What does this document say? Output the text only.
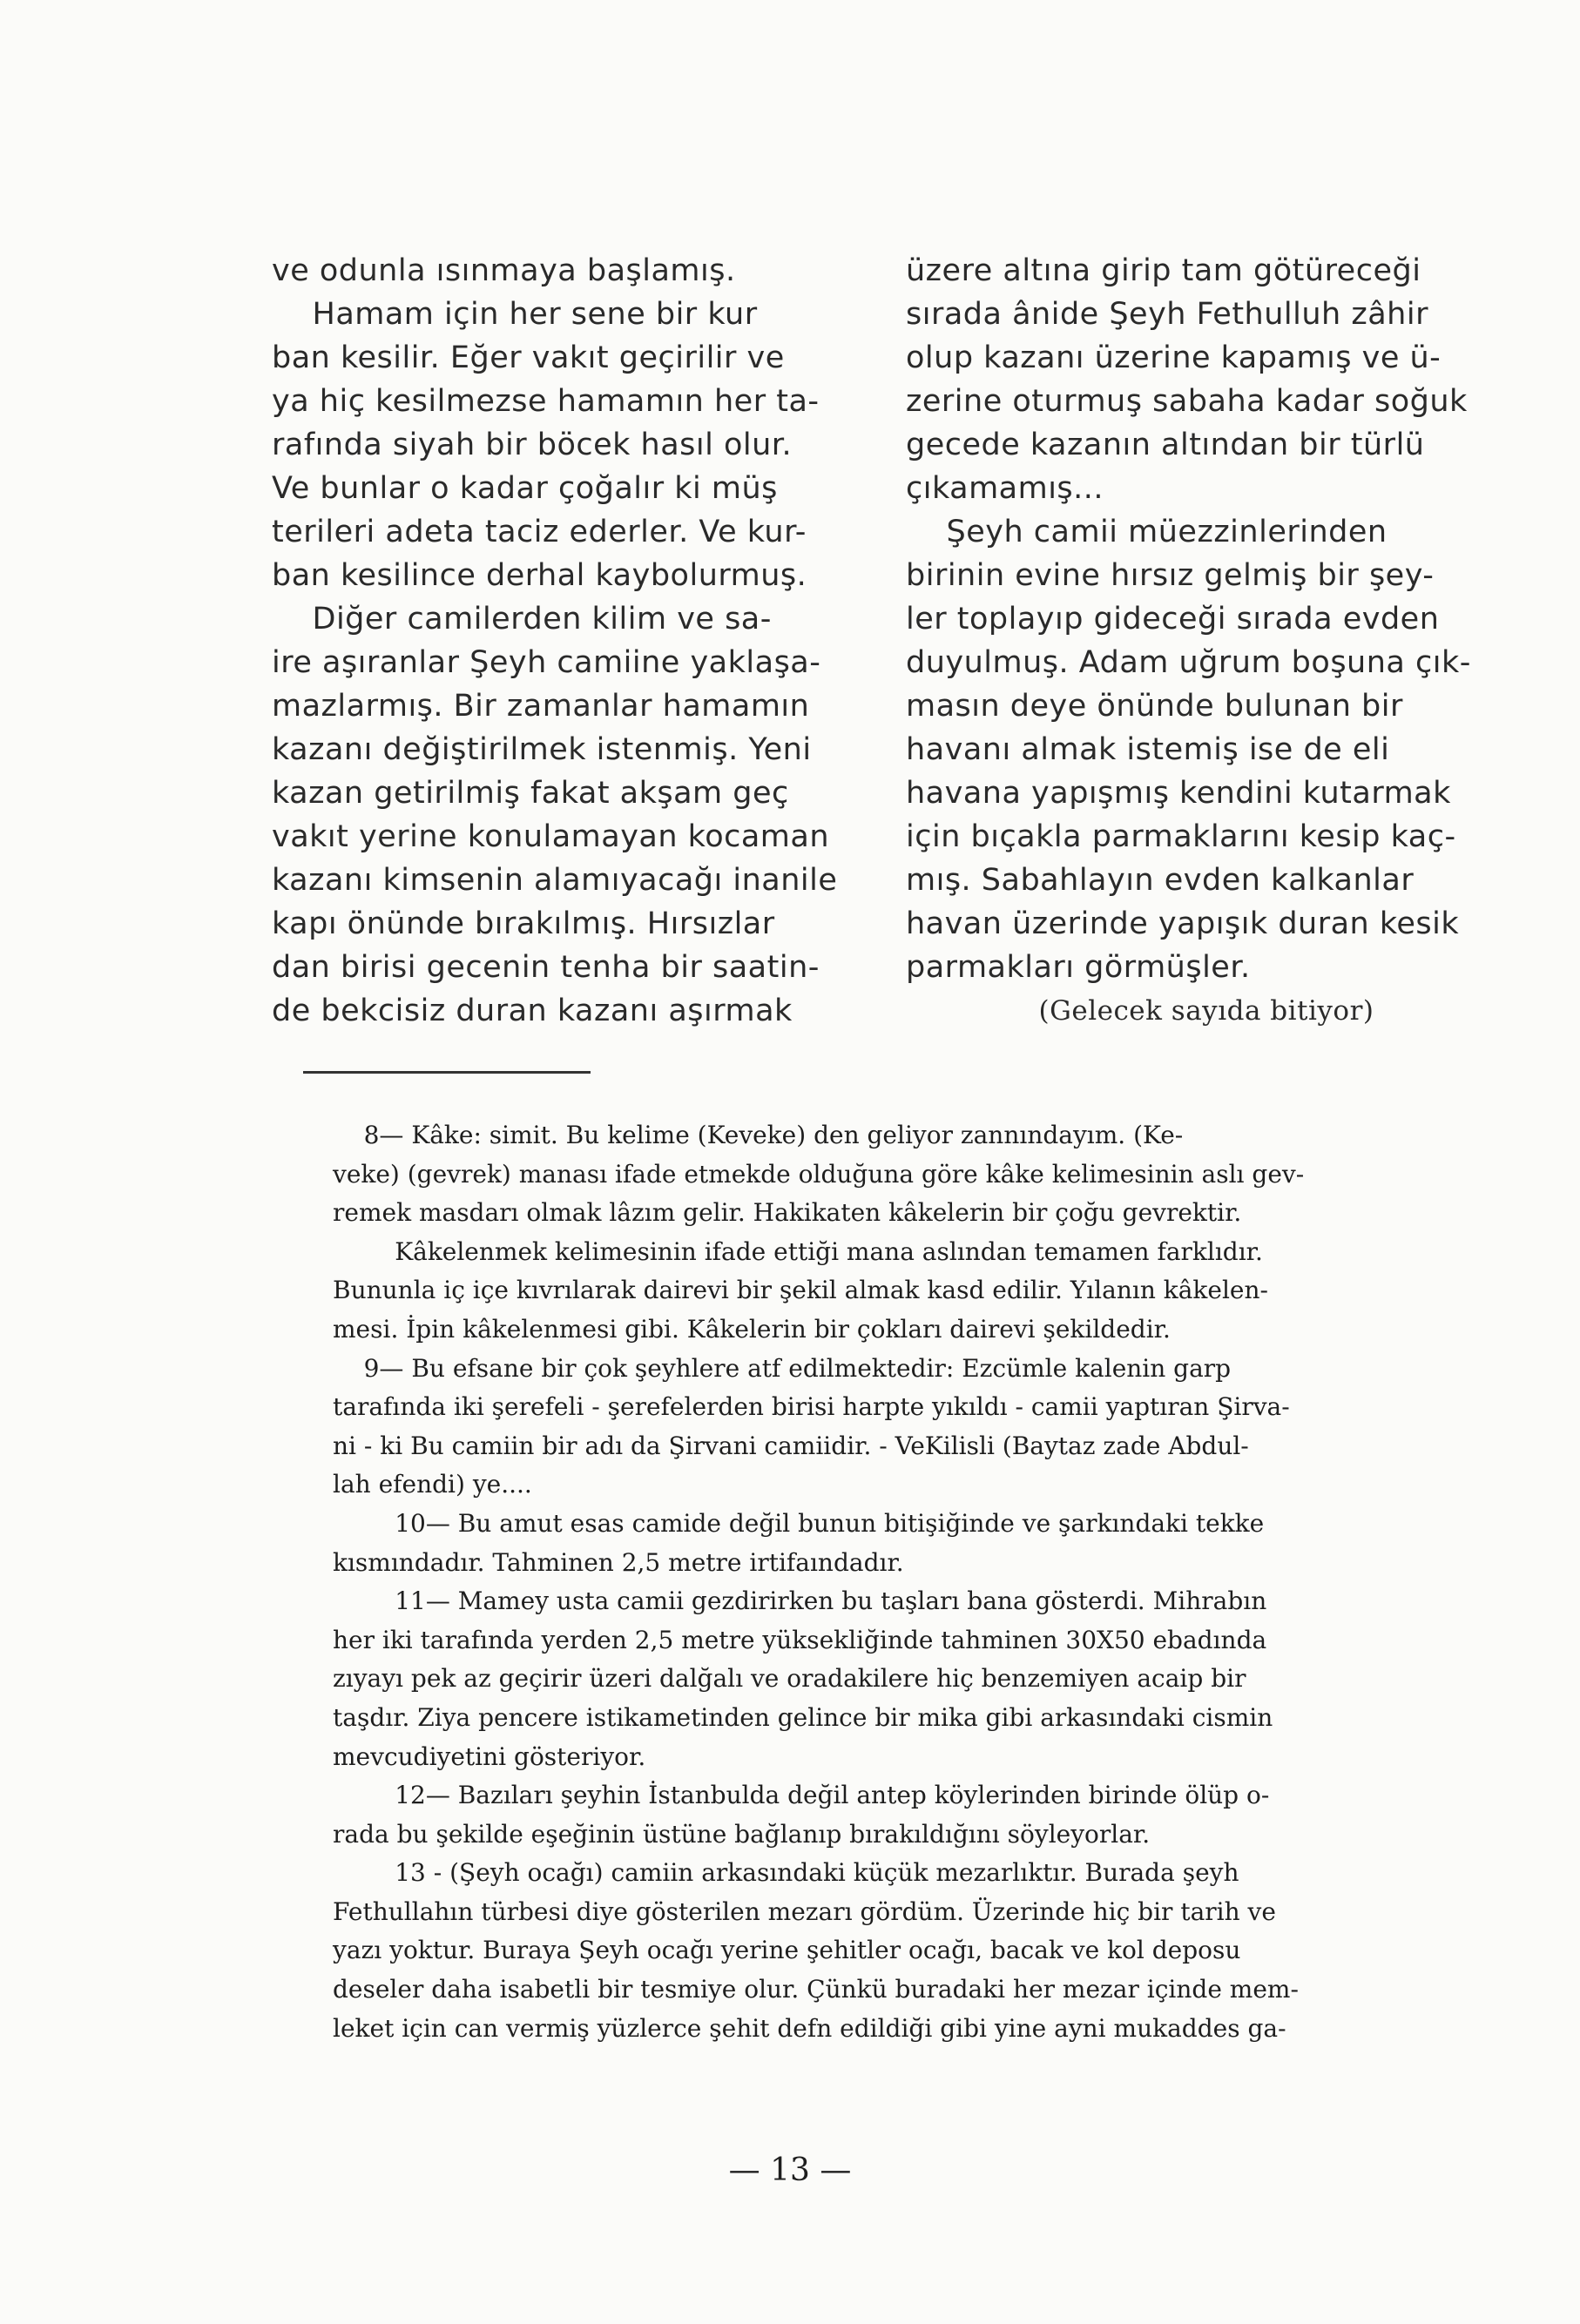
ve odunla ısınmaya başlamış.
Hamam için her sene bir kur
ban kesilir. Eğer vakıt geçirilir ve
ya hiç kesilmezse hamamın her ta-
rafında siyah bir böcek hasıl olur.
Ve bunlar o kadar çoğalır ki müş
terileri adeta taciz ederler. Ve kur-
ban kesilince derhal kaybolurmuş.
Diğer camilerden kilim ve sa-
ire aşıranlar Şeyh camiine yaklaşa-
mazlarmış. Bir zamanlar hamamın
kazanı değiştirilmek istenmiş. Yeni
kazan getirilmiş fakat akşam geç
vakıt yerine konulamayan kocaman
kazanı kimsenin alamıyacağı inanile
kapı önünde bırakılmış. Hırsızlar
dan birisi gecenin tenha bir saatin-
de bekcisiz duran kazanı aşırmak
üzere altına girip tam götüreceği
sırada ânide Şeyh Fethulluh zâhir
olup kazanı üzerine kapamış ve ü-
zerine oturmuş sabaha kadar soğuk
gecede kazanın altından bir türlü
çıkamamış...
Şeyh camii müezzinlerinden
birinin evine hırsız gelmiş bir şey-
ler toplayıp gideceği sırada evden
duyulmuş. Adam uğrum boşuna çık-
masın deye önünde bulunan bir
havanı almak istemiş ise de eli
havana yapışmış kendini kutarmak
için bıçakla parmaklarını kesip kaç-
mış. Sabahlayın evden kalkanlar
havan üzerinde yapışık duran kesik
parmakları görmüşler.
(Gelecek sayıda bitiyor)
8— Kâke: simit. Bu kelime (Keveke) den geliyor zannındayım. (Ke-
veke) (gevrek) manası ifade etmekde olduğuna göre kâke kelimesinin aslı gev-
remek masdarı olmak lâzım gelir. Hakikaten kâkelerin bir çoğu gevrektir.
Kâkelenmek kelimesinin ifade ettiği mana aslından temamen farklıdır.
Bununla iç içe kıvrılarak dairevi bir şekil almak kasd edilir. Yılanın kâkelen-
mesi. İpin kâkelenmesi gibi. Kâkelerin bir çokları dairevi şekildedir.
9— Bu efsane bir çok şeyhlere atf edilmektedir: Ezcümle kalenin garp
tarafında iki şerefeli - şerefelerden birisi harpte yıkıldı - camii yaptıran Şirva-
ni - ki Bu camiin bir adı da Şirvani camiidir. - VeKilisli (Baytaz zade Abdul-
lah efendi) ye....
10— Bu amut esas camide değil bunun bitişiğinde ve şarkındaki tekke
kısmındadır. Tahminen 2,5 metre irtifaındadır.
11— Mamey usta camii gezdirirken bu taşları bana gösterdi. Mihrabın
her iki tarafında yerden 2,5 metre yüksekliğinde tahminen 30X50 ebadında
zıyayı pek az geçirir üzeri dalğalı ve oradakilere hiç benzemiyen acaip bir
taşdır. Ziya pencere istikametinden gelince bir mika gibi arkasındaki cismin
mevcudiyetini gösteriyor.
12— Bazıları şeyhin İstanbulda değil antep köylerinden birinde ölüp o-
rada bu şekilde eşeğinin üstüne bağlanıp bırakıldığını söyleyorlar.
13 - (Şeyh ocağı) camiin arkasındaki küçük mezarlıktır. Burada şeyh
Fethullahın türbesi diye gösterilen mezarı gördüm. Üzerinde hiç bir tarih ve
yazı yoktur. Buraya Şeyh ocağı yerine şehitler ocağı, bacak ve kol deposu
deseler daha isabetli bir tesmiye olur. Çünkü buradaki her mezar içinde mem-
leket için can vermiş yüzlerce şehit defn edildiği gibi yine ayni mukaddes ga-
— 13 —
